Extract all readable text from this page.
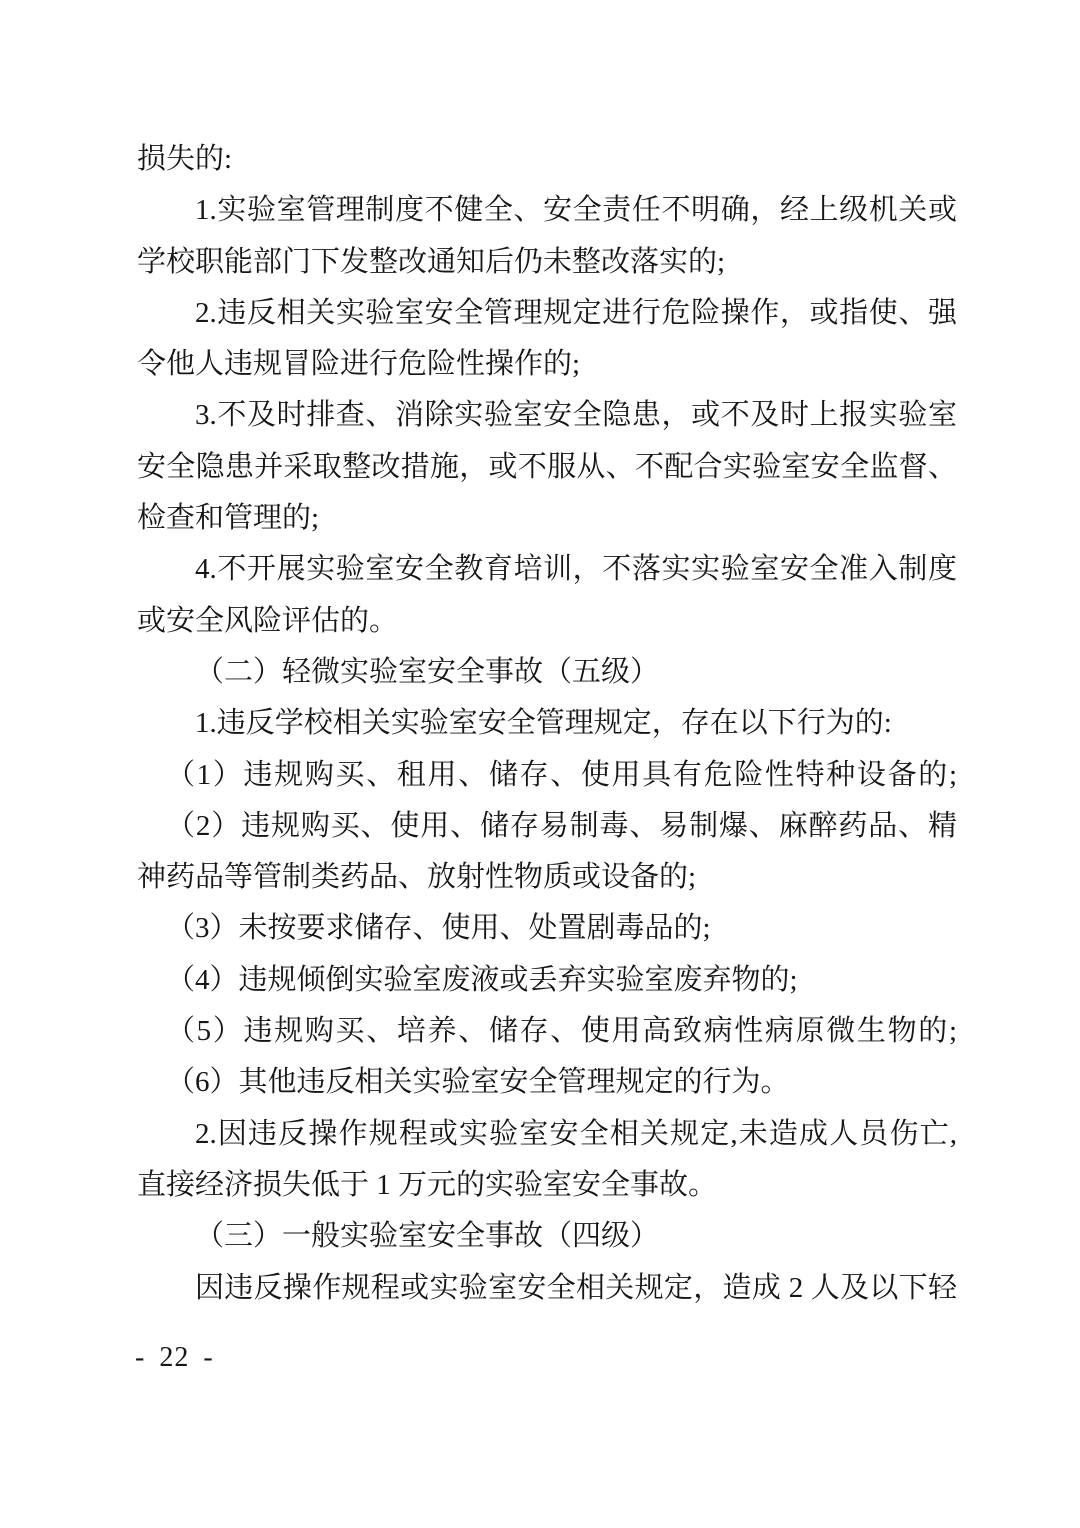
损失的:

1.实验室管理制度不健全、安全责任不明确，经上级机关或

学校职能部门下发整改通知后仍未整改落实的;

2.违反相关实验室安全管理规定进行危险操作，或指使、强

令他人违规冒险进行危险性操作的;

3.不及时排查、消除实验室安全隐患，或不及时上报实验室

安全隐患并采取整改措施，或不服从、不配合实验室安全监督、

检查和管理的;

4.不开展实验室安全教育培训，不落实实验室安全准入制度

或安全风险评估的。

（二）轻微实验室安全事故（五级）

1.违反学校相关实验室安全管理规定，存在以下行为的:

（1）违规购买、租用、储存、使用具有危险性特种设备的;

（2）违规购买、使用、储存易制毒、易制爆、麻醉药品、精

神药品等管制类药品、放射性物质或设备的;

（3）未按要求储存、使用、处置剧毒品的;

（4）违规倾倒实验室废液或丢弃实验室废弃物的;

（5）违规购买、培养、储存、使用高致病性病原微生物的;

（6）其他违反相关实验室安全管理规定的行为。

2.因违反操作规程或实验室安全相关规定,未造成人员伤亡,

直接经济损失低于 1 万元的实验室安全事故。

（三）一般实验室安全事故（四级）

因违反操作规程或实验室安全相关规定，造成 2 人及以下轻

- 22 -
